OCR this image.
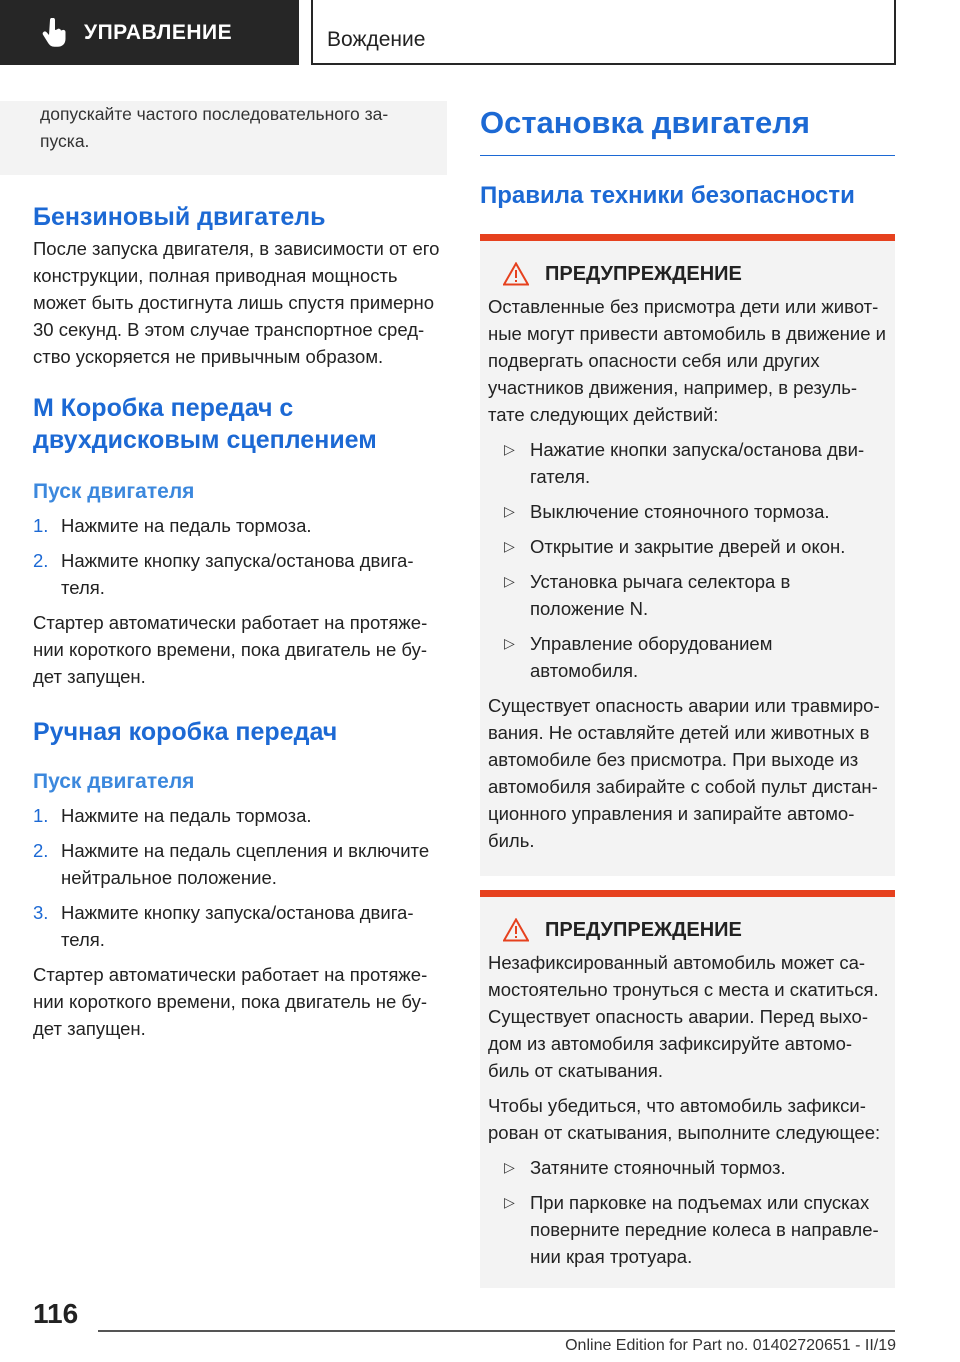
УПРАВЛЕНИЕ	Вождение
допускайте частого последовательного за-пуска.
Бензиновый двигатель

После запуска двигателя, в зависимости от его конструкции, полная приводная мощность может быть достигнута лишь спустя примерно 30 секунд. В этом случае транспортное сред-ство ускоряется не привычным образом.

M Коробка передач с двухдисковым сцеплением
Пуск двигателя
1. Нажмите на педаль тормоза.
2. Нажмите кнопку запуска/останова двига-теля.

Стартер автоматически работает на протяже-нии короткого времени, пока двигатель не бу-дет запущен.

Ручная коробка передач
Пуск двигателя
1. Нажмите на педаль тормоза.
2. Нажмите на педаль сцепления и включите нейтральное положение.
3. Нажмите кнопку запуска/останова двига-теля.

Стартер автоматически работает на протяже-нии короткого времени, пока двигатель не бу-дет запущен.

Остановка двигателя
Правила техники безопасности
ПРЕДУПРЕЖДЕНИЕ

Оставленные без присмотра дети или живот-ные могут привести автомобиль в движение и подвергать опасности себя или других участников движения, например, в резуль-тате следующих действий:

▷ Нажатие кнопки запуска/останова дви-гателя.
▷ Выключение стояночного тормоза.
▷ Открытие и закрытие дверей и окон.
▷ Установка рычага селектора в положение N.
▷ Управление оборудованием автомобиля.

Существует опасность аварии или травмиро-вания. Не оставляйте детей или животных в автомобиле без присмотра. При выходе из автомобиля забирайте с собой пульт дистан-ционного управления и запирайте автомо-биль.

ПРЕДУПРЕЖДЕНИЕ

Незафиксированный автомобиль может са-мостоятельно тронуться с места и скатиться. Существует опасность аварии. Перед выхо-дом из автомобиля зафиксируйте автомо-биль от скатывания.

Чтобы убедиться, что автомобиль зафикси-рован от скатывания, выполните следующее:

▷ Затяните стояночный тормоз.
▷ При парковке на подъемах или спусках поверните передние колеса в направле-нии края тротуара.
116
Online Edition for Part no. 01402720651 - II/19
